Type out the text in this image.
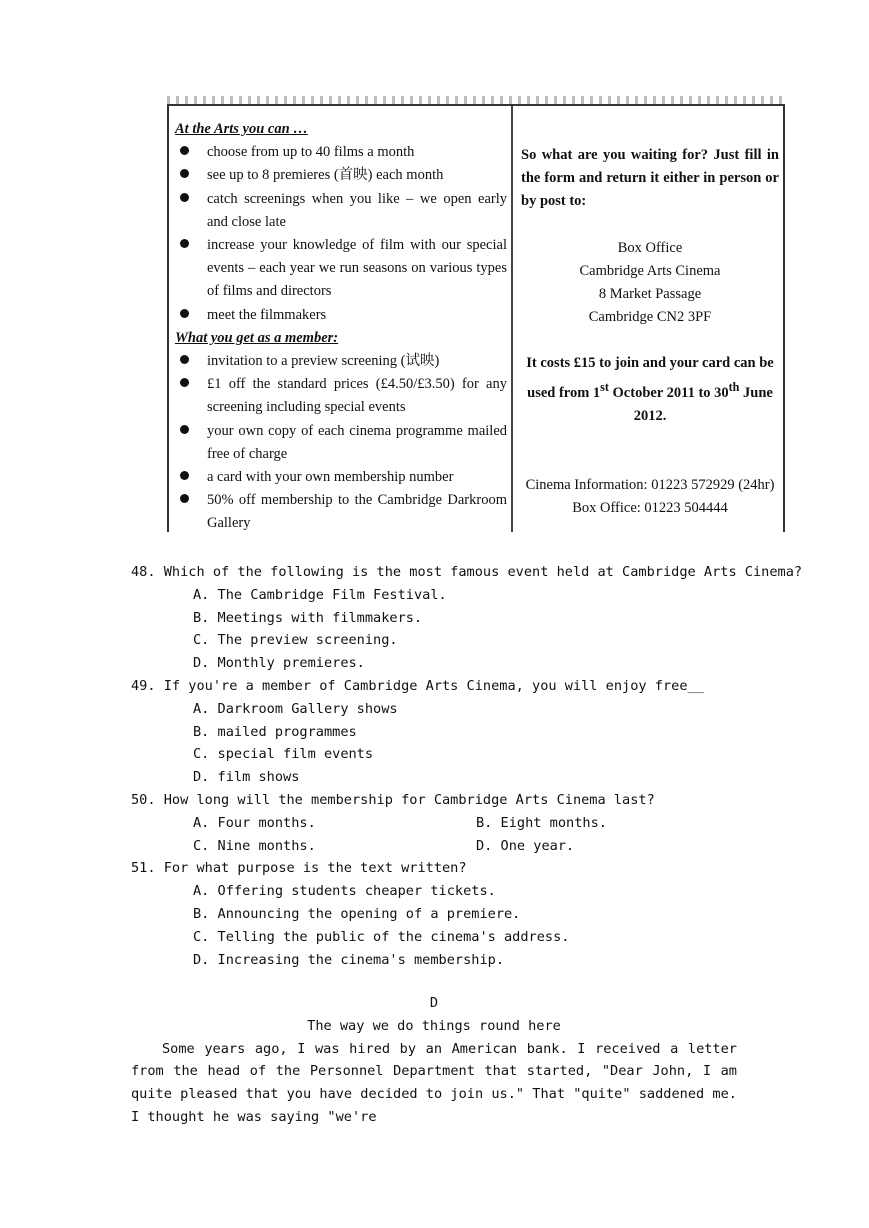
At the Arts you can …
choose from up to 40 films a month
see up to 8 premieres (首映) each month
catch screenings when you like – we open early and close late
increase your knowledge of film with our special events – each year we run seasons on various types of films and directors
meet the filmmakers
What you get as a member:
invitation to a preview screening (试映)
£1 off the standard prices (£4.50/£3.50) for any screening including special events
your own copy of each cinema programme mailed free of charge
a card with your own membership number
50% off membership to the Cambridge Darkroom Gallery
So what are you waiting for? Just fill in the form and return it either in person or by post to:
Box Office
Cambridge Arts Cinema
8 Market Passage
Cambridge CN2 3PF
It costs £15 to join and your card can be used from 1st October 2011 to 30th June 2012.
Cinema Information: 01223 572929 (24hr)
Box Office: 01223 504444
48. Which of the following is the most famous event held at Cambridge Arts Cinema?
A. The Cambridge Film Festival.
B. Meetings with filmmakers.
C. The preview screening.
D. Monthly premieres.
49. If you're a member of Cambridge Arts Cinema, you will enjoy free__
A. Darkroom Gallery shows
B. mailed programmes
C. special film events
D. film shows
50. How long will the membership for Cambridge Arts Cinema last?
A. Four months.	B. Eight months.
C. Nine months.	D. One year.
51. For what purpose is the text written?
A. Offering students cheaper tickets.
B. Announcing the opening of a premiere.
C. Telling the public of the cinema's address.
D. Increasing the cinema's membership.
D
The way we do things round here
Some years ago, I was hired by an American bank. I received a letter from the head of the Personnel Department that started, "Dear John, I am quite pleased that you have decided to join us." That "quite" saddened me. I thought he was saying "we're
